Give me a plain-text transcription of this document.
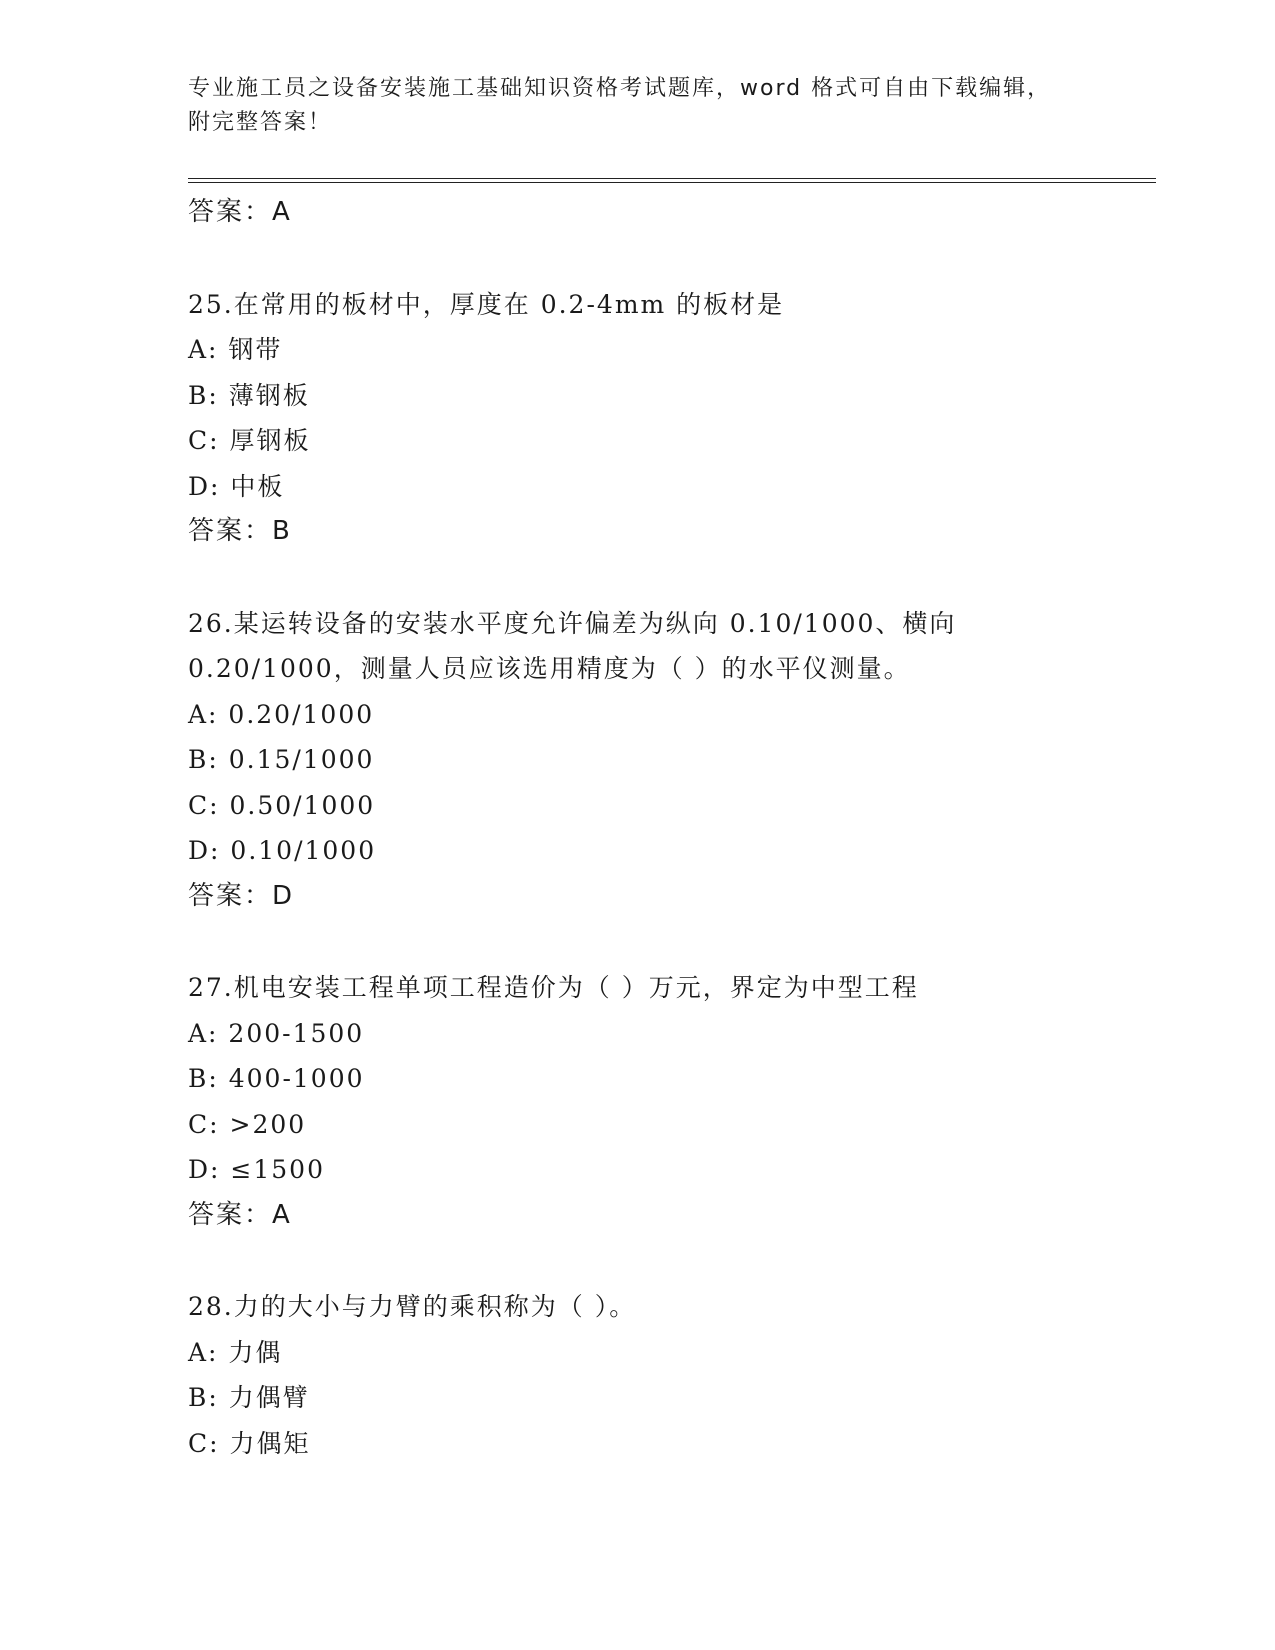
专业施工员之设备安装施工基础知识资格考试题库，word 格式可自由下载编辑，
附完整答案！
答案：A
25.在常用的板材中，厚度在 0.2-4mm 的板材是
A: 钢带
B: 薄钢板
C: 厚钢板
D: 中板
答案：B
26.某运转设备的安装水平度允许偏差为纵向 0.10/1000、横向
0.20/1000，测量人员应该选用精度为（ ）的水平仪测量。
A: 0.20/1000
B: 0.15/1000
C: 0.50/1000
D: 0.10/1000
答案：D
27.机电安装工程单项工程造价为（ ）万元，界定为中型工程
A: 200-1500
B: 400-1000
C: >200
D: ≤1500
答案：A
28.力的大小与力臂的乘积称为（ ）。
A: 力偶
B: 力偶臂
C: 力偶矩
